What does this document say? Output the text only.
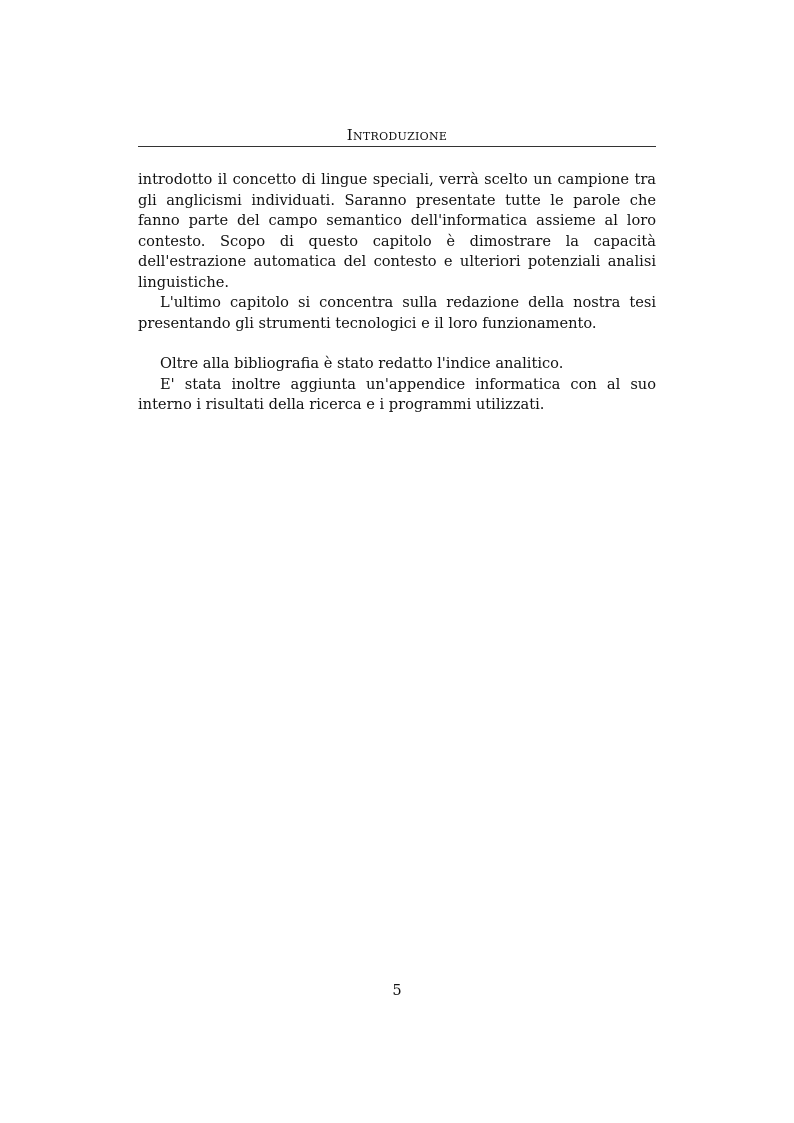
Introduzione

introdotto il concetto di lingue speciali, verrà scelto un campione tra gli anglicismi individuati. Saranno presentate tutte le parole che fanno parte del campo semantico dell'informatica assieme al loro contesto. Scopo di questo capitolo è dimostrare la capacità dell'estrazione automatica del contesto e ulteriori potenziali analisi linguistiche.

L'ultimo capitolo si concentra sulla redazione della nostra tesi presentando gli strumenti tecnologici e il loro funzionamento.

Oltre alla bibliografia è stato redatto l'indice analitico.

E' stata inoltre aggiunta un'appendice informatica con al suo interno i risultati della ricerca e i programmi utilizzati.

5
